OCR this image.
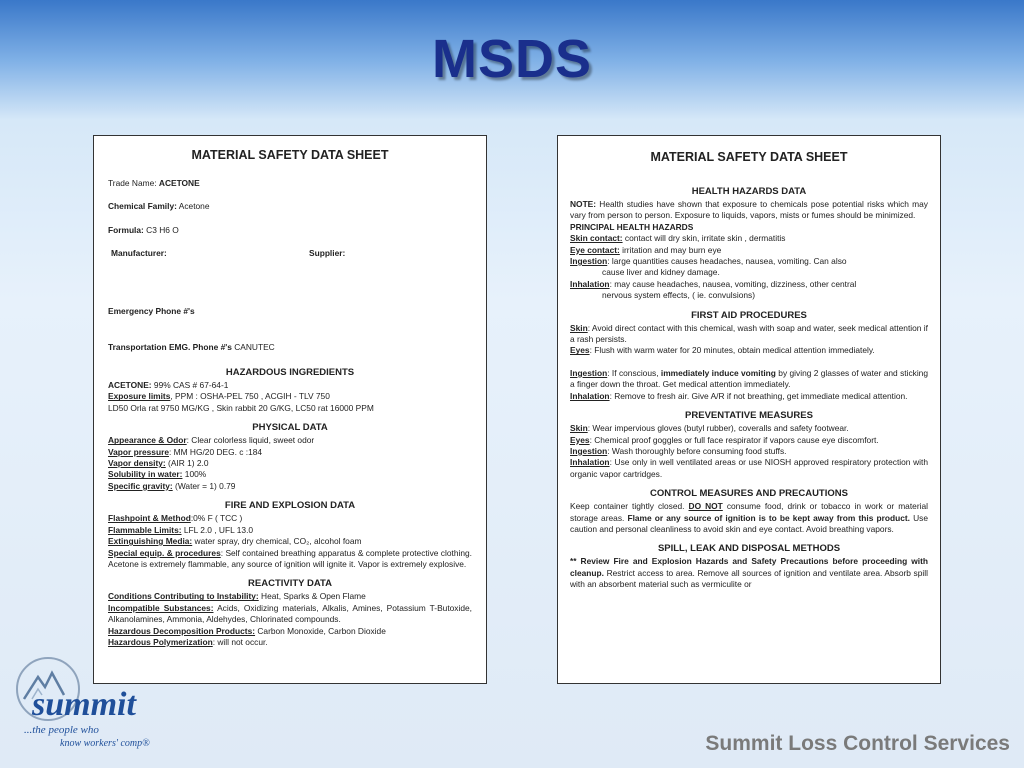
MSDS

MATERIAL SAFETY DATA SHEET

Trade Name: ACETONE

Chemical Family: Acetone

Formula: C3 H6 O

Manufacturer:	Supplier:

Emergency Phone #'s

Transportation EMG. Phone #'s CANUTEC

HAZARDOUS INGREDIENTS

ACETONE: 99% CAS # 67-64-1

Exposure limits, PPM : OSHA-PEL 750 , ACGIH - TLV 750

LD50 Orla rat 9750 MG/KG , Skin rabbit 20 G/KG, LC50 rat 16000 PPM

PHYSICAL DATA

Appearance & Odor: Clear colorless liquid, sweet odor

Vapor pressure: MM HG/20 DEG. c :184

Vapor density: (AIR 1) 2.0

Solubility in water: 100%

Specific gravity: (Water = 1) 0.79

FIRE AND EXPLOSION DATA

Flashpoint & Method:0% F ( TCC )

Flammable Limits: LFL 2.0 , UFL 13.0

Extinguishing Media: water spray, dry chemical, CO₂, alcohol foam

Special equip. & procedures: Self contained breathing apparatus & complete protective clothing. Acetone is extremely flammable, any source of ignition will ignite it. Vapor is extremely explosive.

REACTIVITY DATA

Conditions Contributing to Instability: Heat, Sparks & Open Flame

Incompatible Substances: Acids, Oxidizing materials, Alkalis, Amines, Potassium T-Butoxide, Alkanolamines, Ammonia, Aldehydes, Chlorinated compounds.

Hazardous Decomposition Products: Carbon Monoxide, Carbon Dioxide

Hazardous Polymerization: will not occur.

MATERIAL SAFETY DATA SHEET

HEALTH HAZARDS DATA

NOTE: Health studies have shown that exposure to chemicals pose potential risks which may vary from person to person. Exposure to liquids, vapors, mists or fumes should be minimized.

PRINCIPAL HEALTH HAZARDS

Skin contact: contact will dry skin, irritate skin , dermatitis

Eye contact: irritation and may burn eye

Ingestion: large quantities causes headaches, nausea, vomiting. Can also

cause liver and kidney damage.

Inhalation: may cause headaches, nausea, vomiting, dizziness, other central

nervous system effects, ( ie. convulsions)

FIRST AID PROCEDURES

Skin: Avoid direct contact with this chemical, wash with soap and water, seek medical attention if a rash persists.

Eyes: Flush with warm water for 20 minutes, obtain medical attention immediately.

Ingestion: If conscious, immediately induce vomiting by giving 2 glasses of water and sticking a finger down the throat. Get medical attention immediately.

Inhalation: Remove to fresh air. Give A/R if not breathing, get immediate medical attention.

PREVENTATIVE MEASURES

Skin: Wear impervious gloves (butyl rubber), coveralls and safety footwear.

Eyes: Chemical proof goggles or full face respirator if vapors cause eye discomfort.

Ingestion: Wash thoroughly before consuming food stuffs.

Inhalation: Use only in well ventilated areas or use NIOSH approved respiratory protection with organic vapor cartridges.

CONTROL MEASURES AND PRECAUTIONS

Keep container tightly closed. DO NOT consume food, drink or tobacco in work or material storage areas. Flame or any source of ignition is to be kept away from this product. Use caution and personal cleanliness to avoid skin and eye contact. Avoid breathing vapors.

SPILL, LEAK AND DISPOSAL METHODS

** Review Fire and Explosion Hazards and Safety Precautions before proceeding with cleanup. Restrict access to area. Remove all sources of ignition and ventilate area. Absorb spill with an absorbent material such as vermiculite or

summit
...the people who
know workers' comp®	Summit Loss Control Services
